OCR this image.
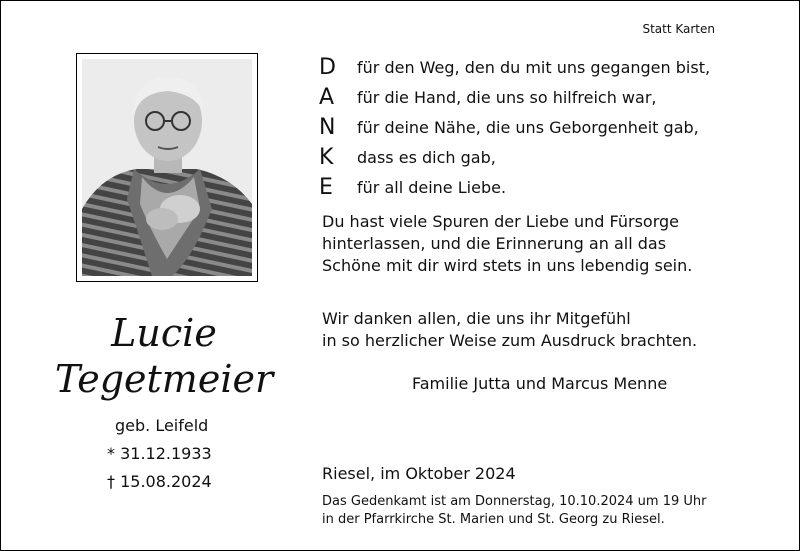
Statt Karten
Lucie
Tegetmeier
geb. Leifeld
* 31.12.1933
† 15.08.2024
D	für den Weg, den du mit uns gegangen bist,
A	für die Hand, die uns so hilfreich war,
N	für deine Nähe, die uns Geborgenheit gab,
K	dass es dich gab,
E	für all deine Liebe.
Du hast viele Spuren der Liebe und Fürsorge
hinterlassen, und die Erinnerung an all das
Schöne mit dir wird stets in uns lebendig sein.
Wir danken allen, die uns ihr Mitgefühl
in so herzlicher Weise zum Ausdruck brachten.
Familie Jutta und Marcus Menne
Riesel, im Oktober 2024
Das Gedenkamt ist am Donnerstag, 10.10.2024 um 19 Uhr
in der Pfarrkirche St. Marien und St. Georg zu Riesel.
